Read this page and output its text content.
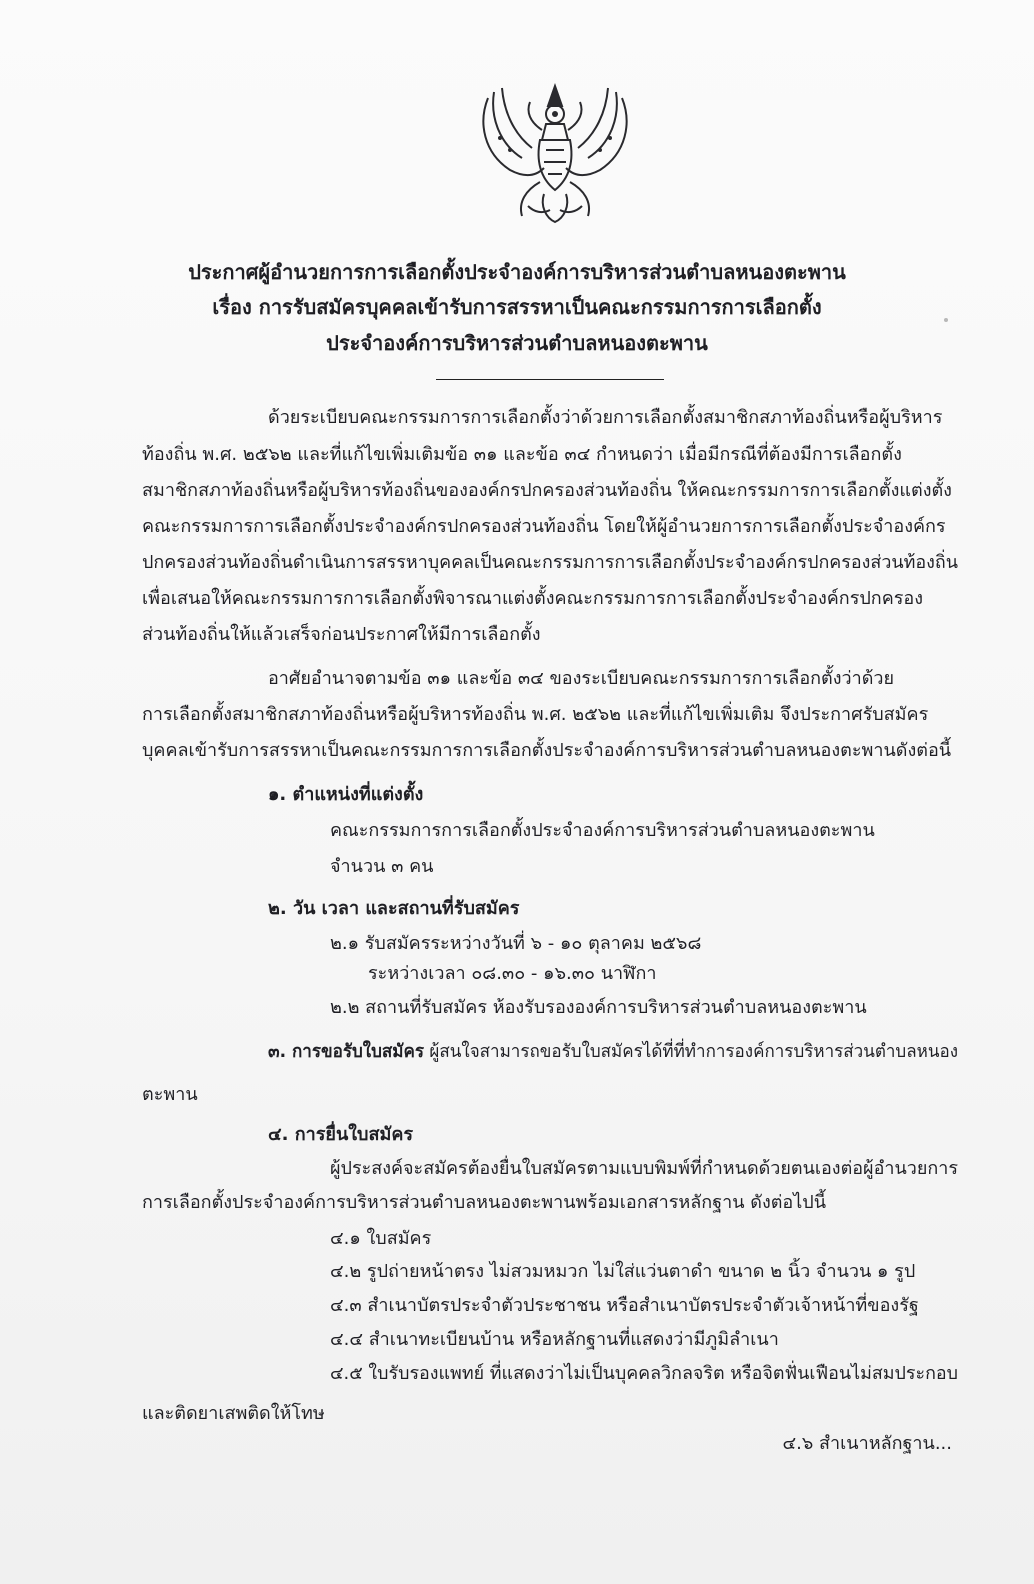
ประกาศผู้อำนวยการการเลือกตั้งประจำองค์การบริหารส่วนตำบลหนองตะพาน
เรื่อง การรับสมัครบุคคลเข้ารับการสรรหาเป็นคณะกรรมการการเลือกตั้ง
ประจำองค์การบริหารส่วนตำบลหนองตะพาน
ด้วยระเบียบคณะกรรมการการเลือกตั้งว่าด้วยการเลือกตั้งสมาชิกสภาท้องถิ่นหรือผู้บริหาร
ท้องถิ่น พ.ศ. ๒๕๖๒ และที่แก้ไขเพิ่มเติมข้อ ๓๑ และข้อ ๓๔ กำหนดว่า เมื่อมีกรณีที่ต้องมีการเลือกตั้ง
สมาชิกสภาท้องถิ่นหรือผู้บริหารท้องถิ่นขององค์กรปกครองส่วนท้องถิ่น ให้คณะกรรมการการเลือกตั้งแต่งตั้ง
คณะกรรมการการเลือกตั้งประจำองค์กรปกครองส่วนท้องถิ่น โดยให้ผู้อำนวยการการเลือกตั้งประจำองค์กร
ปกครองส่วนท้องถิ่นดำเนินการสรรหาบุคคลเป็นคณะกรรมการการเลือกตั้งประจำองค์กรปกครองส่วนท้องถิ่น
เพื่อเสนอให้คณะกรรมการการเลือกตั้งพิจารณาแต่งตั้งคณะกรรมการการเลือกตั้งประจำองค์กรปกครอง
ส่วนท้องถิ่นให้แล้วเสร็จก่อนประกาศให้มีการเลือกตั้ง
อาศัยอำนาจตามข้อ ๓๑ และข้อ ๓๔ ของระเบียบคณะกรรมการการเลือกตั้งว่าด้วย
การเลือกตั้งสมาชิกสภาท้องถิ่นหรือผู้บริหารท้องถิ่น พ.ศ. ๒๕๖๒ และที่แก้ไขเพิ่มเติม จึงประกาศรับสมัคร
บุคคลเข้ารับการสรรหาเป็นคณะกรรมการการเลือกตั้งประจำองค์การบริหารส่วนตำบลหนองตะพานดังต่อนี้
๑. ตำแหน่งที่แต่งตั้ง
คณะกรรมการการเลือกตั้งประจำองค์การบริหารส่วนตำบลหนองตะพาน
จำนวน ๓ คน
๒. วัน เวลา และสถานที่รับสมัคร
๒.๑ รับสมัครระหว่างวันที่ ๖ - ๑๐ ตุลาคม ๒๕๖๘
ระหว่างเวลา ๐๘.๓๐ - ๑๖.๓๐ นาฬิกา
๒.๒ สถานที่รับสมัคร ห้องรับรององค์การบริหารส่วนตำบลหนองตะพาน
๓. การขอรับใบสมัคร ผู้สนใจสามารถขอรับใบสมัครได้ที่ที่ทำการองค์การบริหารส่วนตำบลหนอง
ตะพาน
๔. การยื่นใบสมัคร
ผู้ประสงค์จะสมัครต้องยื่นใบสมัครตามแบบพิมพ์ที่กำหนดด้วยตนเองต่อผู้อำนวยการ
การเลือกตั้งประจำองค์การบริหารส่วนตำบลหนองตะพานพร้อมเอกสารหลักฐาน ดังต่อไปนี้
๔.๑ ใบสมัคร
๔.๒ รูปถ่ายหน้าตรง ไม่สวมหมวก ไม่ใส่แว่นตาดำ ขนาด ๒ นิ้ว จำนวน ๑ รูป
๔.๓ สำเนาบัตรประจำตัวประชาชน หรือสำเนาบัตรประจำตัวเจ้าหน้าที่ของรัฐ
๔.๔ สำเนาทะเบียนบ้าน หรือหลักฐานที่แสดงว่ามีภูมิลำเนา
๔.๕ ใบรับรองแพทย์ ที่แสดงว่าไม่เป็นบุคคลวิกลจริต หรือจิตฟั่นเฟือนไม่สมประกอบ
และติดยาเสพติดให้โทษ
๔.๖ สำเนาหลักฐาน...
